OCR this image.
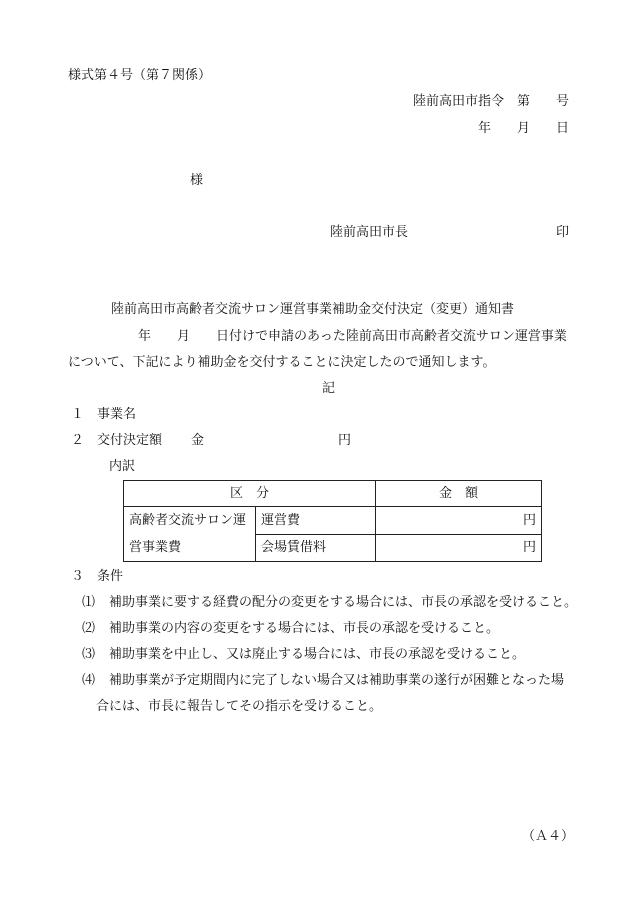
様式第４号（第７関係）
陸前高田市指令　第　　号
年　　月　　日
様
陸前高田市長	印
陸前高田市高齢者交流サロン運営事業補助金交付決定（変更）通知書
年　　月　　日付けで申請のあった陸前高田市高齢者交流サロン運営事業
について、下記により補助金を交付することに決定したので通知します。
記
１ 事業名
２ 交付決定額 金	円
内訳
区　分		金　額
高齢者交流サロン運
営事業費	運営費	円
	会場賃借料	円
３ 条件
⑴ 補助事業に要する経費の配分の変更をする場合には、市長の承認を受けること。
⑵ 補助事業の内容の変更をする場合には、市長の承認を受けること。
⑶ 補助事業を中止し、又は廃止する場合には、市長の承認を受けること。
⑷ 補助事業が予定期間内に完了しない場合又は補助事業の遂行が困難となった場
合には、市長に報告してその指示を受けること。
（Ａ４）
